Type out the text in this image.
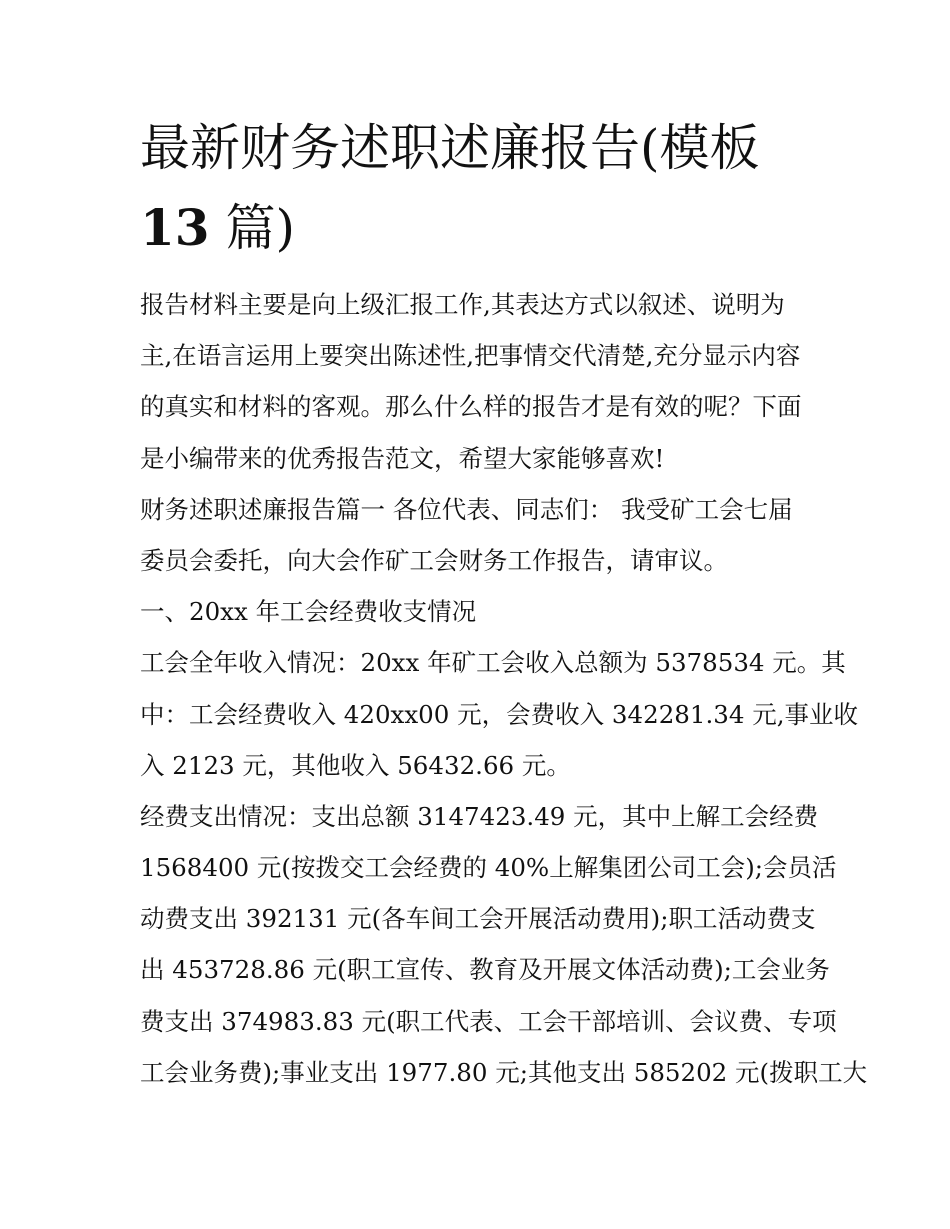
最新财务述职述廉报告(模板
13 篇)
报告材料主要是向上级汇报工作,其表达方式以叙述、说明为
主,在语言运用上要突出陈述性,把事情交代清楚,充分显示内容
的真实和材料的客观。那么什么样的报告才是有效的呢？下面
是小编带来的优秀报告范文，希望大家能够喜欢!
财务述职述廉报告篇一 各位代表、同志们： 我受矿工会七届
委员会委托，向大会作矿工会财务工作报告，请审议。
一、20xx 年工会经费收支情况
工会全年收入情况：20xx 年矿工会收入总额为 5378534 元。其
中：工会经费收入 420xx00 元，会费收入 342281.34 元,事业收
入 2123 元，其他收入 56432.66 元。
经费支出情况：支出总额 3147423.49 元，其中上解工会经费
1568400 元(按拨交工会经费的 40%上解集团公司工会);会员活
动费支出 392131 元(各车间工会开展活动费用);职工活动费支
出 453728.86 元(职工宣传、教育及开展文体活动费);工会业务
费支出 374983.83 元(职工代表、工会干部培训、会议费、专项
工会业务费);事业支出 1977.80 元;其他支出 585202 元(拨职工大
